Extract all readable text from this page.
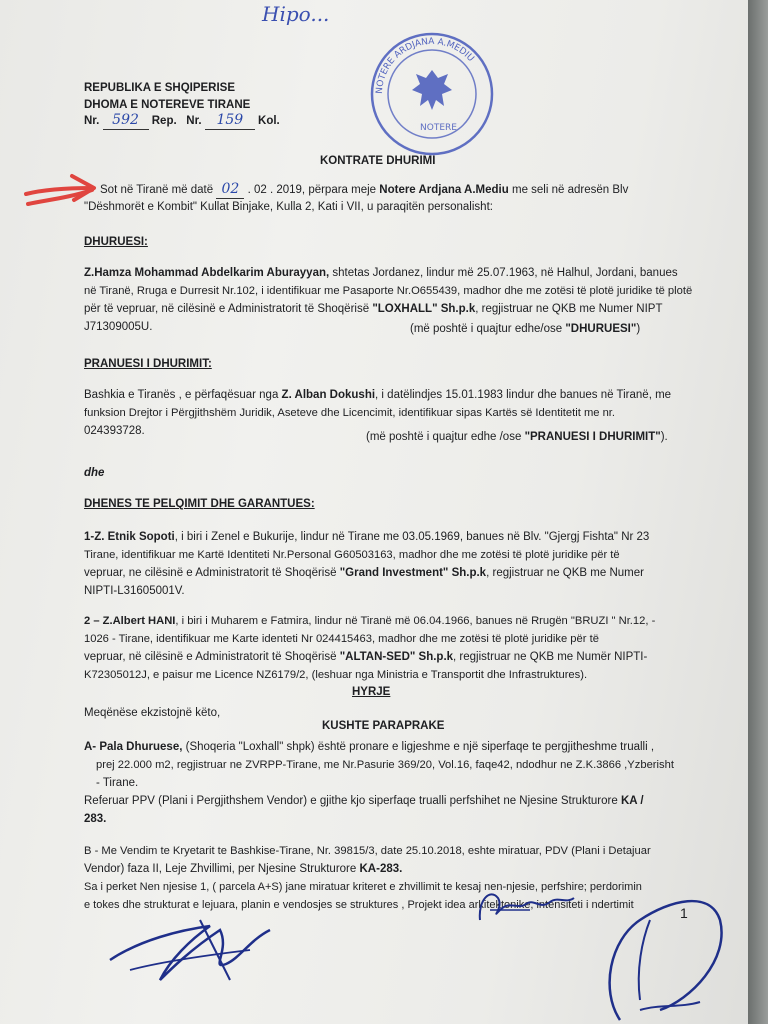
Hipo...
NOTERE ARDJANA A.MEDIU
NOTERE
REPUBLIKA E SHQIPERISE
DHOMA E NOTEREVE TIRANE
Nr. 592 Rep. Nr. 159 Kol.
KONTRATE DHURIMI
Sot në Tiranë më datë 02 . 02 . 2019, përpara meje Notere Ardjana A.Mediu me seli në adresën Blv
"Dëshmorët e Kombit" Kullat Binjake, Kulla 2, Kati i VII, u paraqitën personalisht:
DHURUESI:
Z.Hamza Mohammad Abdelkarim Aburayyan, shtetas Jordanez, lindur më 25.07.1963, në Halhul, Jordani, banues
në Tiranë, Rruga e Durresit Nr.102, i identifikuar me Pasaporte Nr.O655439, madhor dhe me zotësi të plotë juridike të plotë
për të vepruar, në cilësinë e Administratorit të Shoqërisë "LOXHALL" Sh.p.k, regjistruar ne QKB me Numer NIPT
J71309005U.	(më poshtë i quajtur edhe/ose "DHURUESI")
PRANUESI I DHURIMIT:
Bashkia e Tiranës , e përfaqësuar nga Z. Alban Dokushi, i datëlindjes 15.01.1983 lindur dhe banues në Tiranë, me
funksion Drejtor i Përgjithshëm Juridik, Aseteve dhe Licencimit, identifikuar sipas Kartës së Identitetit me nr.
024393728.	(më poshtë i quajtur edhe /ose "PRANUESI I DHURIMIT").
dhe
DHENES TE PELQIMIT DHE GARANTUES:
1-Z. Etnik Sopoti, i biri i Zenel e Bukurije, lindur në Tirane me 03.05.1969, banues në Blv. "Gjergj Fishta" Nr 23
Tirane, identifikuar me Kartë Identiteti Nr.Personal G60503163, madhor dhe me zotësi të plotë juridike për të
vepruar, ne cilësinë e Administratorit të Shoqërisë "Grand Investment" Sh.p.k, regjistruar ne QKB me Numer
NIPTI-L31605001V.
2 – Z.Albert HANI, i biri i Muharem e Fatmira, lindur në Tiranë më 06.04.1966, banues në Rrugën "BRUZI " Nr.12, -
1026 - Tirane, identifikuar me Karte identeti Nr 024415463, madhor dhe me zotësi të plotë juridike për të
vepruar, në cilësinë e Administratorit të Shoqërisë "ALTAN-SED" Sh.p.k, regjistruar ne QKB me Numër NIPTI-
K72305012J, e paisur me Licence NZ6179/2, (leshuar nga Ministria e Transportit dhe Infrastruktures).
HYRJE
Meqënëse ekzistojnë këto,
KUSHTE PARAPRAKE
A- Pala Dhuruese, (Shoqeria "Loxhall" shpk) është pronare e ligjeshme e një siperfaqe te pergjitheshme trualli ,
prej 22.000 m2, regjistruar ne ZVRPP-Tirane, me Nr.Pasurie 369/20, Vol.16, faqe42, ndodhur ne Z.K.3866 ,Yzberisht
- Tirane.
Referuar PPV (Plani i Pergjithshem Vendor) e gjithe kjo siperfaqe trualli perfshihet ne Njesine Strukturore KA /
283.
B - Me Vendim te Kryetarit te Bashkise-Tirane, Nr. 39815/3, date 25.10.2018, eshte miratuar, PDV (Plani i Detajuar
Vendor) faza II, Leje Zhvillimi, per Njesine Strukturore KA-283.
Sa i perket Nen njesise 1, ( parcela A+S) jane miratuar kriteret e zhvillimit te kesaj nen-njesie, perfshire; perdorimin
e tokes dhe strukturat e lejuara, planin e vendosjes se struktures , Projekt idea arkitektonike, intensiteti i ndertimit	1
